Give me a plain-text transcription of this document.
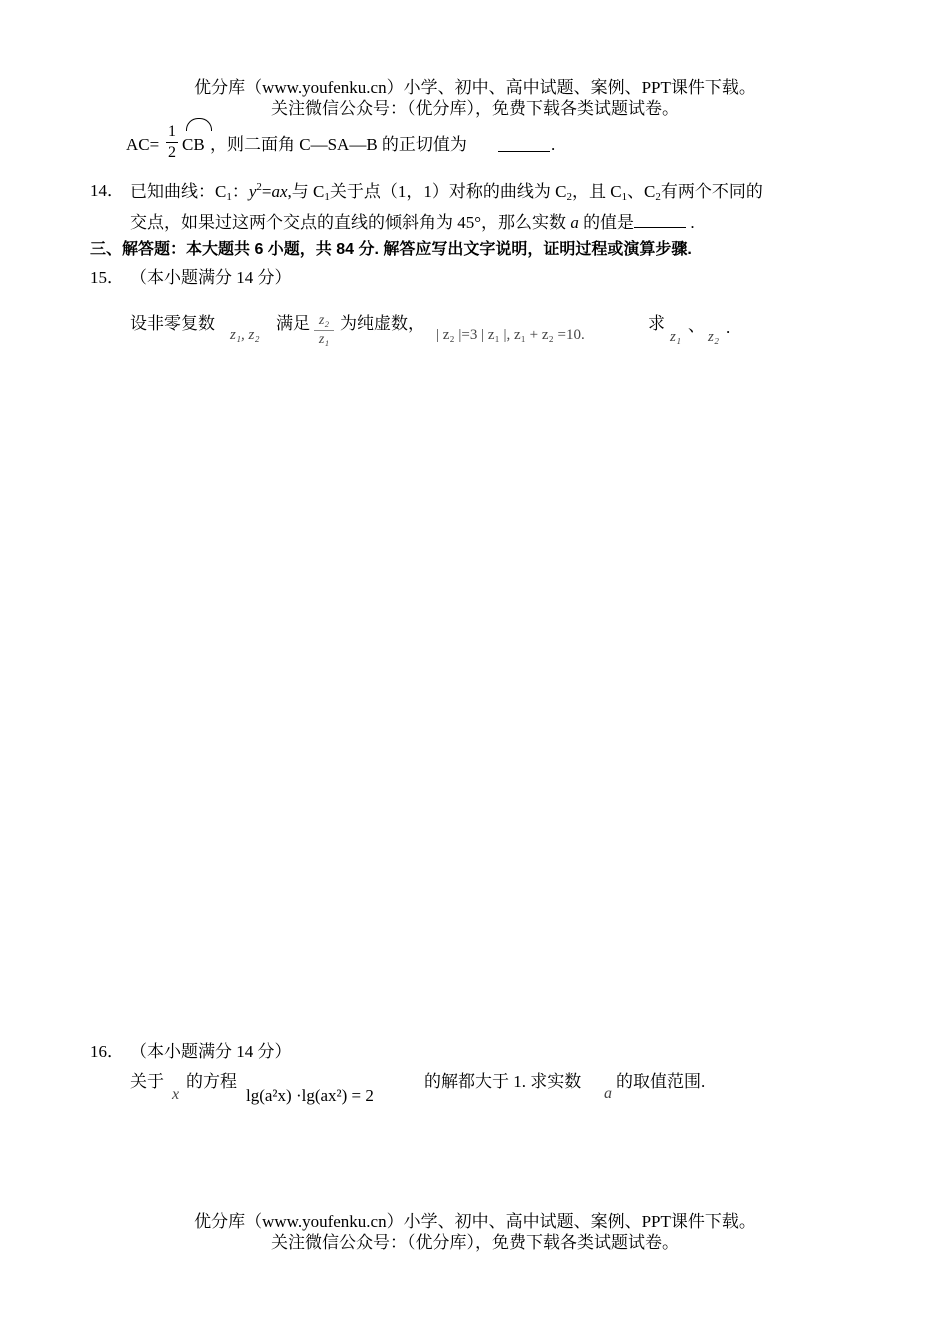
优分库（www.youfenku.cn）小学、初中、高中试题、案例、PPT课件下载。
关注微信公众号：（优分库），免费下载各类试题试卷。
AC=
1
2 CB ，则二面角 C—SA—B 的正切值为	.
14． 已知曲线：$C_1$：$y^2=ax$,与 $C_1$关于点（1，1）对称的曲线为 $C_2$，且 $C_1$、$C_2$有两个不同的
交点，如果过这两个交点的直线的倾斜角为 45°，那么实数 a 的值是	.
三、解答题：本大题共 6 小题，共 84 分. 解答应写出文字说明，证明过程或演算步骤.
15． （本小题满分 14 分）
设非零复数
z₁, z₂
满足 z₂
z₁
为纯虚数，
| z₂ |=3 | z₁ |, z₁ + z₂ =10.
求
z₁
、
z₂ .
16． （本小题满分 14 分）
关于
x
的方程
lg(a²x) ·lg(ax²) = 2
的解都大于 1. 求实数
a
的取值范围.
优分库（www.youfenku.cn）小学、初中、高中试题、案例、PPT课件下载。
关注微信公众号：（优分库），免费下载各类试题试卷。
